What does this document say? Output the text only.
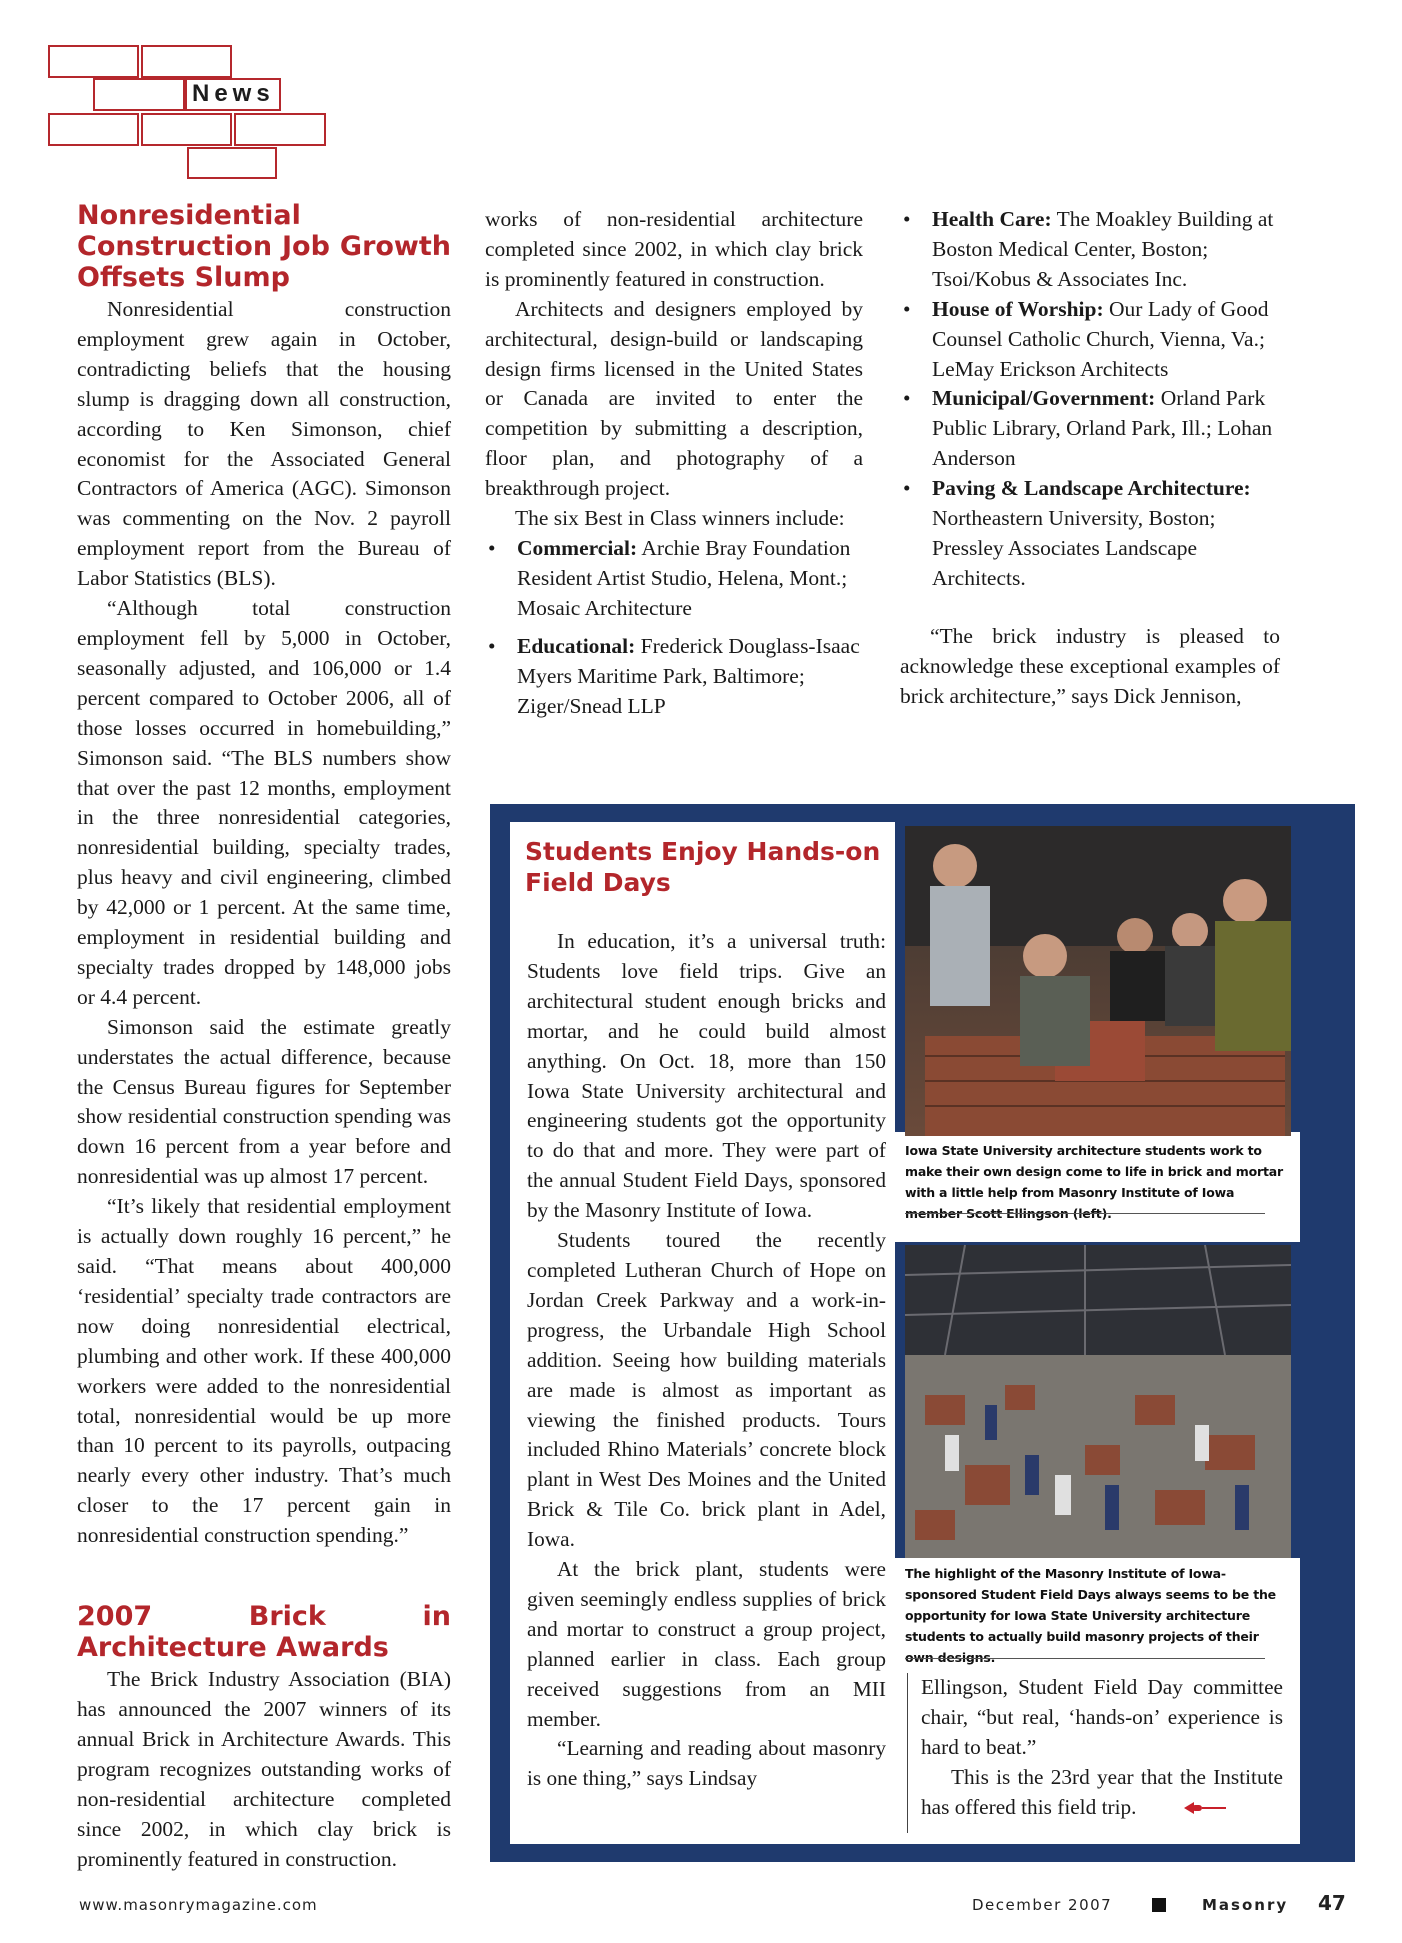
News
Nonresidential Construction Job Growth Offsets Slump

Nonresidential construction employment grew again in October, contradicting beliefs that the housing slump is dragging down all construction, according to Ken Simonson, chief economist for the Associated General Contractors of America (AGC). Simonson was commenting on the Nov. 2 payroll employment report from the Bureau of Labor Statistics (BLS).

“Although total construction employment fell by 5,000 in October, seasonally adjusted, and 106,000 or 1.4 percent compared to October 2006, all of those losses occurred in homebuilding,” Simonson said. “The BLS numbers show that over the past 12 months, employment in the three nonresidential categories, nonresidential building, specialty trades, plus heavy and civil engineering, climbed by 42,000 or 1 percent. At the same time, employment in residential building and specialty trades dropped by 148,000 jobs or 4.4 percent.

Simonson said the estimate greatly understates the actual difference, because the Census Bureau figures for September show residential construction spending was down 16 percent from a year before and nonresidential was up almost 17 percent.

“It’s likely that residential employment is actually down roughly 16 percent,” he said. “That means about 400,000 ‘residential’ specialty trade contractors are now doing nonresidential electrical, plumbing and other work. If these 400,000 workers were added to the nonresidential total, nonresidential would be up more than 10 percent to its payrolls, outpacing nearly every other industry. That’s much closer to the 17 percent gain in nonresidential construction spending.”

2007 Brick in Architecture Awards

The Brick Industry Association (BIA) has announced the 2007 winners of its annual Brick in Architecture Awards. This program recognizes outstanding works of non-residential architecture completed since 2002, in which clay brick is prominently featured in construction.

works of non-residential architecture completed since 2002, in which clay brick is prominently featured in construction.

Architects and designers employed by architectural, design-build or landscaping design firms licensed in the United States or Canada are invited to enter the competition by submitting a description, floor plan, and photography of a breakthrough project.

The six Best in Class winners include:

• Commercial: Archie Bray Foundation Resident Artist Studio, Helena, Mont.; Mosaic Architecture
• Educational: Frederick Douglass-Isaac Myers Maritime Park, Baltimore; Ziger/Snead LLP
• Health Care: The Moakley Building at Boston Medical Center, Boston; Tsoi/Kobus & Associates Inc.
• House of Worship: Our Lady of Good Counsel Catholic Church, Vienna, Va.; LeMay Erickson Architects
• Municipal/Government: Orland Park Public Library, Orland Park, Ill.; Lohan Anderson
• Paving & Landscape Architecture: Northeastern University, Boston; Pressley Associates Landscape Architects.

“The brick industry is pleased to acknowledge these exceptional examples of brick architecture,” says Dick Jennison,

Students Enjoy Hands-on Field Days

In education, it’s a universal truth: Students love field trips. Give an architectural student enough bricks and mortar, and he could build almost anything. On Oct. 18, more than 150 Iowa State University architectural and engineering students got the opportunity to do that and more. They were part of the annual Student Field Days, sponsored by the Masonry Institute of Iowa.

Students toured the recently completed Lutheran Church of Hope on Jordan Creek Parkway and a work-in-progress, the Urbandale High School addition. Seeing how building materials are made is almost as important as viewing the finished products. Tours included Rhino Materials’ concrete block plant in West Des Moines and the United Brick & Tile Co. brick plant in Adel, Iowa.

At the brick plant, students were given seemingly endless supplies of brick and mortar to construct a group project, planned earlier in class. Each group received suggestions from an MII member.

“Learning and reading about masonry is one thing,” says Lindsay

Iowa State University architecture students work to make their own design come to life in brick and mortar with a little help from Masonry Institute of Iowa member Scott Ellingson (left).
The highlight of the Masonry Institute of Iowa-sponsored Student Field Days always seems to be the opportunity for Iowa State University architecture students to actually build masonry projects of their own designs.

Ellingson, Student Field Day committee chair, “but real, ‘hands-on’ experience is hard to beat.”

This is the 23rd year that the Institute has offered this field trip.

www.masonrymagazine.com	December 2007	Masonry 47
